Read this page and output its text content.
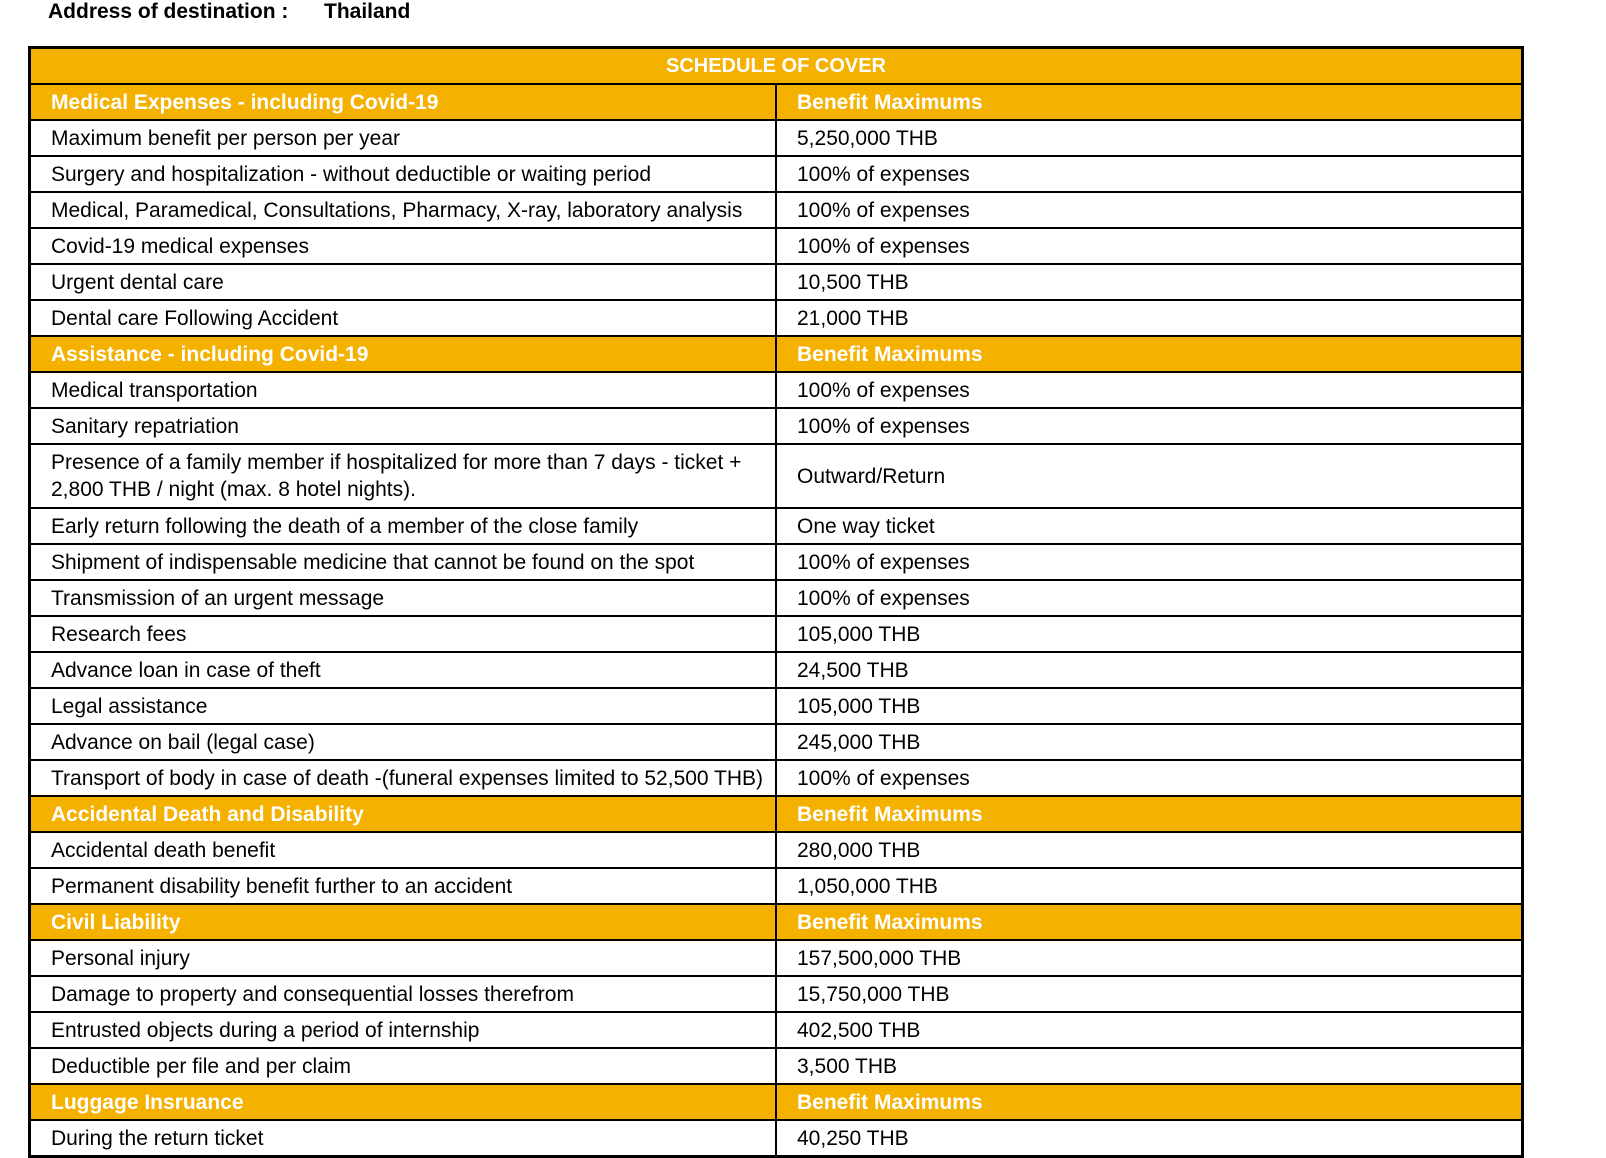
Address of destination :	Thailand
SCHEDULE OF COVER	
Medical Expenses - including Covid-19	Benefit Maximums
Maximum benefit per person per year	5,250,000 THB
Surgery and hospitalization - without deductible or waiting period	100% of expenses
Medical, Paramedical, Consultations, Pharmacy, X-ray, laboratory analysis	100% of expenses
Covid-19 medical expenses	100% of expenses
Urgent dental care	10,500 THB
Dental care Following Accident	21,000 THB
Assistance - including Covid-19	Benefit Maximums
Medical transportation	100% of expenses
Sanitary repatriation	100% of expenses
Presence of a family member if hospitalized for more than 7 days - ticket + 2,800 THB / night (max. 8 hotel nights).	Outward/Return
Early return following the death of a member of the close family	One way ticket
Shipment of indispensable medicine that cannot be found on the spot	100% of expenses
Transmission of an urgent message	100% of expenses
Research fees	105,000 THB
Advance loan in case of theft	24,500 THB
Legal assistance	105,000 THB
Advance on bail (legal case)	245,000 THB
Transport of body in case of death -(funeral expenses limited to 52,500 THB)	100% of expenses
Accidental Death and Disability	Benefit Maximums
Accidental death benefit	280,000 THB
Permanent disability benefit further to an accident	1,050,000 THB
Civil Liability	Benefit Maximums
Personal injury	157,500,000 THB
Damage to property and consequential losses therefrom	15,750,000 THB
Entrusted objects during a period of internship	402,500 THB
Deductible per file and per claim	3,500 THB
Luggage Insruance	Benefit Maximums
During the return ticket	40,250 THB
